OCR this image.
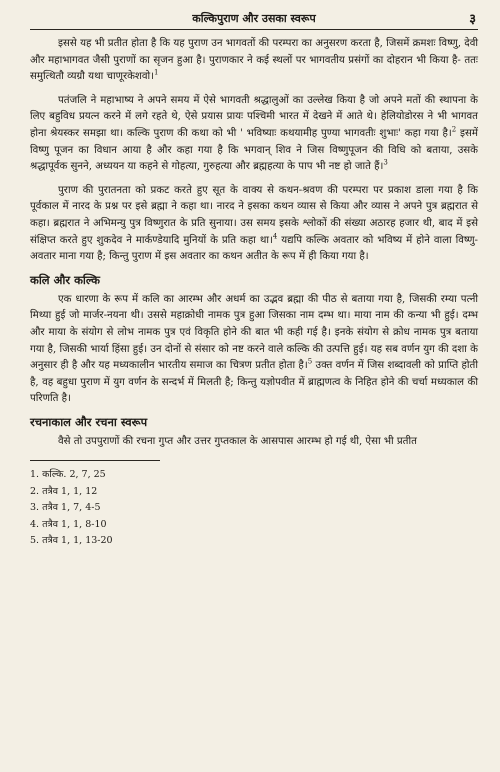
कल्किपुराण और उसका स्वरूप	३

इससे यह भी प्रतीत होता है कि यह पुराण उन भागवतों की परम्परा का अनुसरण करता है, जिसमें क्रमशः विष्णु, देवी और महाभागवत जैसी पुराणों का सृजन हुआ है। पुराणकार ने कई स्थलों पर भागवतीय प्रसंगों का दोहरान भी किया है- ततः समुत्थितौ व्यग्रौ यथा चाणूरकेशवो।$^1$

पतंजलि ने महाभाष्य ने अपने समय में ऐसे भागवती श्रद्धालुओं का उल्लेख किया है जो अपने मतों की स्थापना के लिए बहुविध प्रयत्न करने में लगे रहते थे, ऐसे प्रयास प्रायः पश्चिमी भारत में देखने में आते थे। हेलियोडोरस ने भी भागवत होना श्रेयस्कर समझा था। कल्कि पुराण की कथा को भी ' भविष्याः कथयामीह पुण्या भागवतीः शुभाः' कहा गया है।$^2$ इसमें विष्णु पूजन का विधान आया है और कहा गया है कि भगवान् शिव ने जिस विष्णुपूजन की विधि को बताया, उसके श्रद्धापूर्वक सुनने, अध्ययन या कहने से गोहत्या, गुरुहत्या और ब्रह्महत्या के पाप भी नष्ट हो जाते हैं।$^3$

पुराण की पुरातनता को प्रकट करते हुए सूत के वाक्य से कथन-श्रवण की परम्परा पर प्रकाश डाला गया है कि पूर्वकाल में नारद के प्रश्न पर इसे ब्रह्मा ने कहा था। नारद ने इसका कथन व्यास से किया और व्यास ने अपने पुत्र ब्रह्मरात से कहा। ब्रह्मरात ने अभिमन्यु पुत्र विष्णुरात के प्रति सुनाया। उस समय इसके श्लोकों की संख्या अठारह हजार थी, बाद में इसे संक्षिप्त करते हुए शुकदेव ने मार्कण्डेयादि मुनियों के प्रति कहा था।$^4$ यद्यपि कल्कि अवतार को भविष्य में होने वाला विष्णु-अवतार माना गया है; किन्तु पुराण में इस अवतार का कथन अतीत के रूप में ही किया गया है।

कलि और कल्कि

एक धारणा के रूप में कलि का आरम्भ और अधर्म का उद्भव ब्रह्मा की पीठ से बताया गया है, जिसकी रम्या पत्नी मिथ्या हुई जो मार्जर-नयना थी। उससे महाक्रोधी नामक पुत्र हुआ जिसका नाम दम्भ था। माया नाम की कन्या भी हुई। दम्भ और माया के संयोग से लोभ नामक पुत्र एवं विकृति होने की बात भी कही गई है। इनके संयोग से क्रोध नामक पुत्र बताया गया है, जिसकी भार्या हिंसा हुई। उन दोनों से संसार को नष्ट करने वाले कल्कि की उत्पत्ति हुई। यह सब वर्णन युग की दशा के अनुसार ही है और यह मध्यकालीन भारतीय समाज का चित्रण प्रतीत होता है।$^5$ उक्त वर्णन में जिस शब्दावली को प्राप्ति होती है, वह बहुधा पुराण में युग वर्णन के सन्दर्भ में मिलती है; किन्तु यज्ञोपवीत में ब्राह्मणत्व के निहित होने की चर्चा मध्यकाल की परिणति है।

रचनाकाल और रचना स्वरूप

वैसे तो उपपुराणों की रचना गुप्त और उत्तर गुप्तकाल के आसपास आरम्भ हो गई थी, ऐसा भी प्रतीत

1. कल्कि. 2, 7, 25
2. तत्रैव 1, 1, 12
3. तत्रैव 1, 7, 4-5
4. तत्रैव 1, 1, 8-10
5. तत्रैव 1, 1, 13-20
